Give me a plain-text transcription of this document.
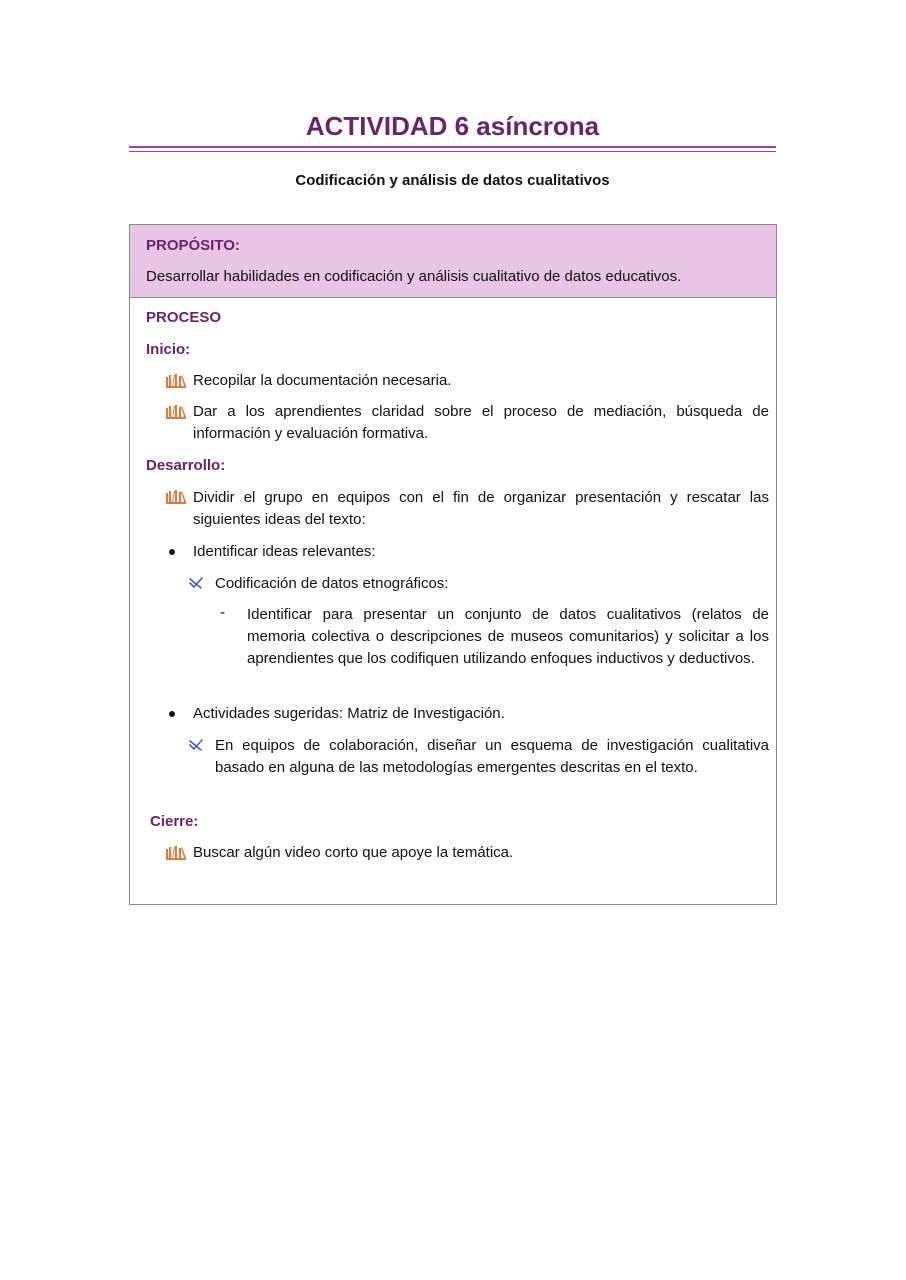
ACTIVIDAD 6 asíncrona
Codificación y análisis de datos cualitativos
PROPÓSITO:
Desarrollar habilidades en codificación y análisis cualitativo de datos educativos.
PROCESO
Inicio:
Recopilar la documentación necesaria.
Dar a los aprendientes claridad sobre el proceso de mediación, búsqueda de información y evaluación formativa.
Desarrollo:
Dividir el grupo en equipos con el fin de organizar presentación y rescatar las siguientes ideas del texto:
Identificar ideas relevantes:
Codificación de datos etnográficos:
- Identificar para presentar un conjunto de datos cualitativos (relatos de memoria colectiva o descripciones de museos comunitarios) y solicitar a los aprendientes que los codifiquen utilizando enfoques inductivos y deductivos.
Actividades sugeridas: Matriz de Investigación.
En equipos de colaboración, diseñar un esquema de investigación cualitativa basado en alguna de las metodologías emergentes descritas en el texto.
Cierre:
Buscar algún video corto que apoye la temática.
